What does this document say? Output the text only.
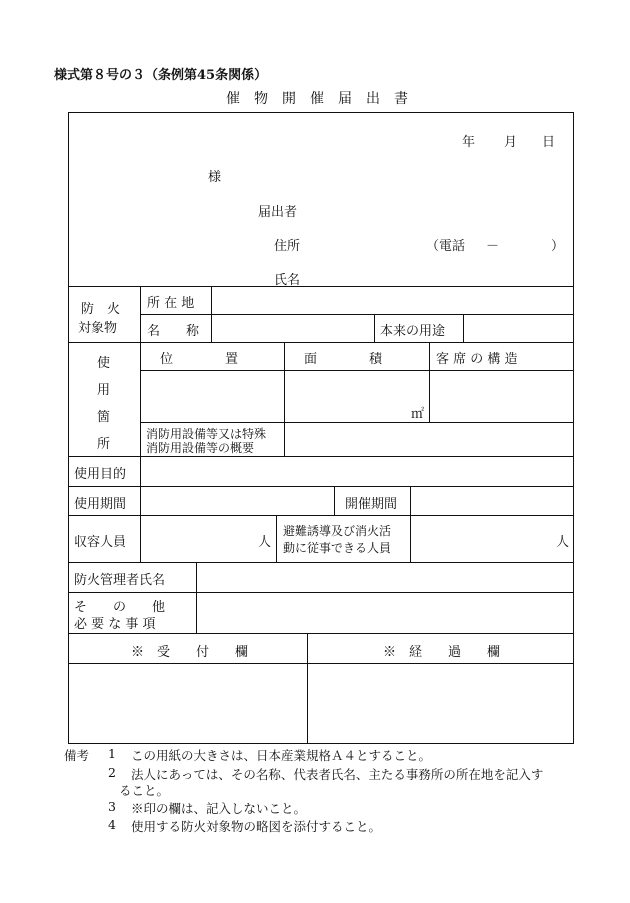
様式第８号の３（条例第45条関係）
催　物　開　催　届　出　書
年 月 日
様
届出者
住所	（電話 －	）
氏名
防　火
対象物
所 在 地
名　　称	本来の用途
使
用
箇
所
位　　　　置	面　　　　積	客 席 の 構 造
㎡
消防用設備等又は特殊
消防用設備等の概要
使用目的
使用期間	開催期間
収容人員	人
避難誘導及び消火活
動に従事できる人員	人
防火管理者氏名
そ　　の　　他
必 要 な 事 項
※　受　　付　　欄	※　経　　過　　欄
備考 1 この用紙の大きさは、日本産業規格Ａ４とすること。
2 法人にあっては、その名称、代表者氏名、主たる事務所の所在地を記入す
ること。
3 ※印の欄は、記入しないこと。
4 使用する防火対象物の略図を添付すること。
